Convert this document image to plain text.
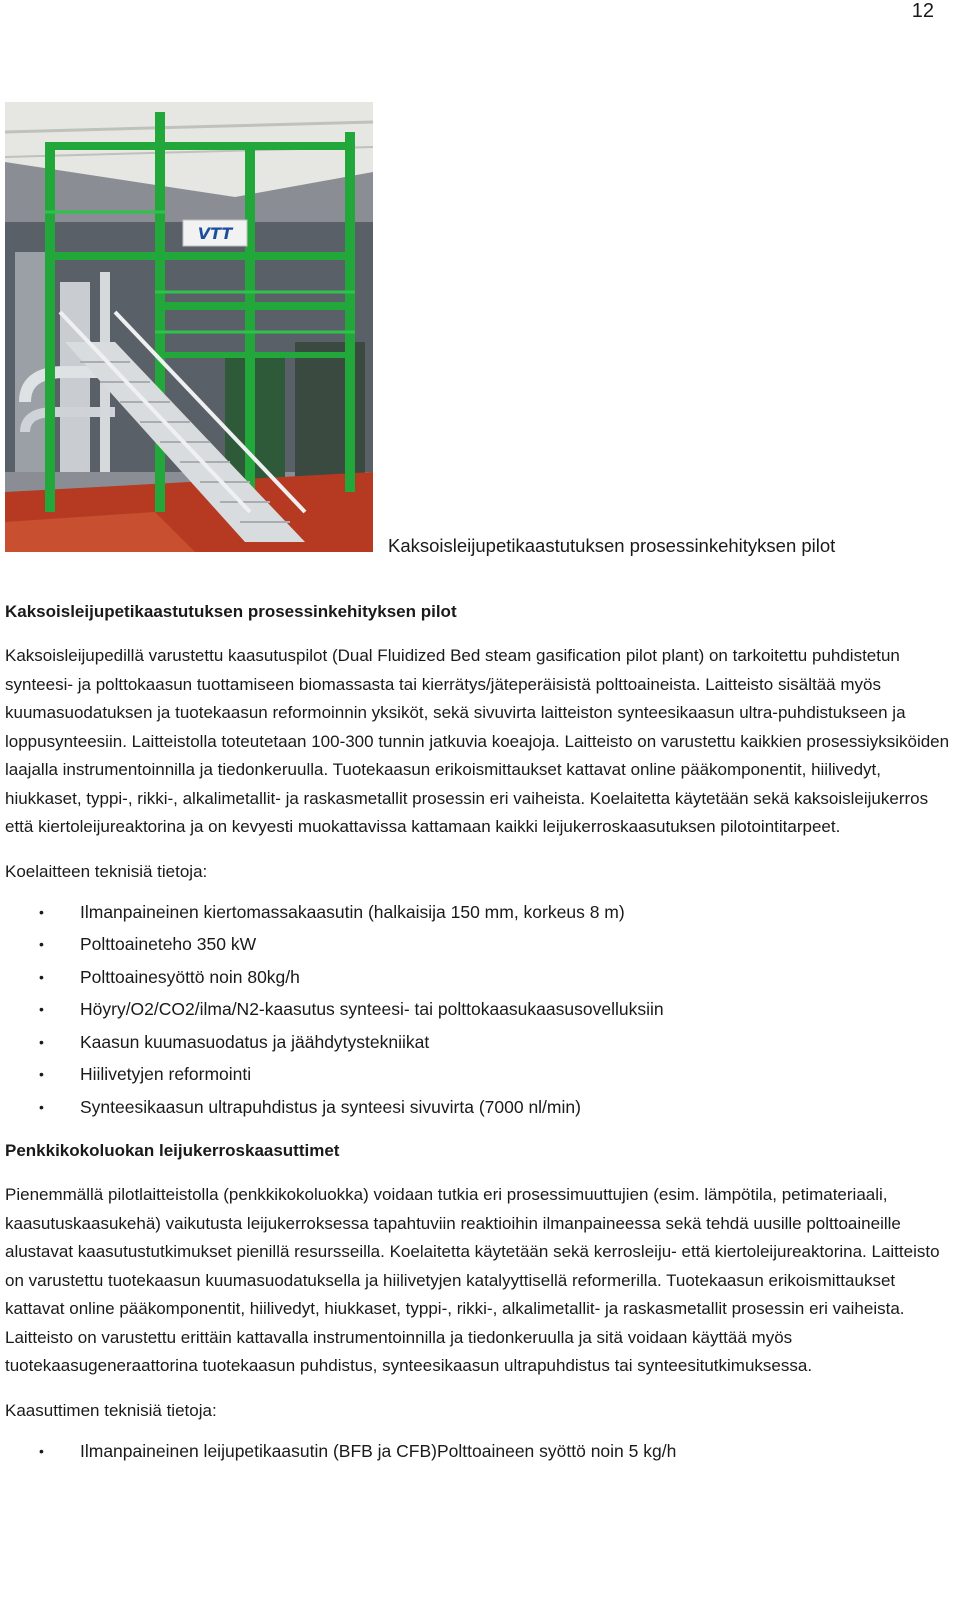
12
VTT
Kaksoisleijupetikaastutuksen prosessinkehityksen pilot
Kaksoisleijupetikaastutuksen prosessinkehityksen pilot

Kaksoisleijupedillä varustettu kaasutuspilot (Dual Fluidized Bed steam gasification pilot plant) on tarkoitettu puhdistetun synteesi- ja polttokaasun tuottamiseen biomassasta tai kierrätys/jäteperäisistä polttoaineista. Laitteisto sisältää myös kuumasuodatuksen ja tuotekaasun reformoinnin yksiköt, sekä sivuvirta laitteiston synteesikaasun ultra-puhdistukseen ja loppusynteesiin. Laitteistolla toteutetaan 100-300 tunnin jatkuvia koeajoja. Laitteisto on varustettu kaikkien prosessiyksiköiden laajalla instrumentoinnilla ja tiedonkeruulla. Tuotekaasun erikoismittaukset kattavat online pääkomponentit, hiilivedyt, hiukkaset, typpi-, rikki-, alkalimetallit- ja raskasmetallit prosessin eri vaiheista. Koelaitetta käytetään sekä kaksoisleijukerros että kiertoleijureaktorina ja on kevyesti muokattavissa kattamaan kaikki leijukerroskaasutuksen pilotointitarpeet.

Koelaitteen teknisiä tietoja:
• Ilmanpaineinen kiertomassakaasutin (halkaisija 150 mm, korkeus 8 m)
• Polttoaineteho 350 kW
• Polttoainesyöttö noin 80kg/h
• Höyry/O2/CO2/ilma/N2-kaasutus synteesi- tai polttokaasukaasusovelluksiin
• Kaasun kuumasuodatus ja jäähdytystekniikat
• Hiilivetyjen reformointi
• Synteesikaasun ultrapuhdistus ja synteesi sivuvirta (7000 nl/min)
Penkkikokoluokan leijukerroskaasuttimet

Pienemmällä pilotlaitteistolla (penkkikokoluokka) voidaan tutkia eri prosessimuuttujien (esim. lämpötila, petimateriaali, kaasutuskaasukehä) vaikutusta leijukerroksessa tapahtuviin reaktioihin ilmanpaineessa sekä tehdä uusille polttoaineille alustavat kaasutustutkimukset pienillä resursseilla. Koelaitetta käytetään sekä kerrosleiju- että kiertoleijureaktorina. Laitteisto on varustettu tuotekaasun kuumasuodatuksella ja hiilivetyjen katalyyttisellä reformerilla. Tuotekaasun erikoismittaukset kattavat online pääkomponentit, hiilivedyt, hiukkaset, typpi-, rikki-, alkalimetallit- ja raskasmetallit prosessin eri vaiheista. Laitteisto on varustettu erittäin kattavalla instrumentoinnilla ja tiedonkeruulla ja sitä voidaan käyttää myös tuotekaasugeneraattorina tuotekaasun puhdistus, synteesikaasun ultrapuhdistus tai synteesitutkimuksessa.

Kaasuttimen teknisiä tietoja:
• Ilmanpaineinen leijupetikaasutin (BFB ja CFB)Polttoaineen syöttö noin 5 kg/h
